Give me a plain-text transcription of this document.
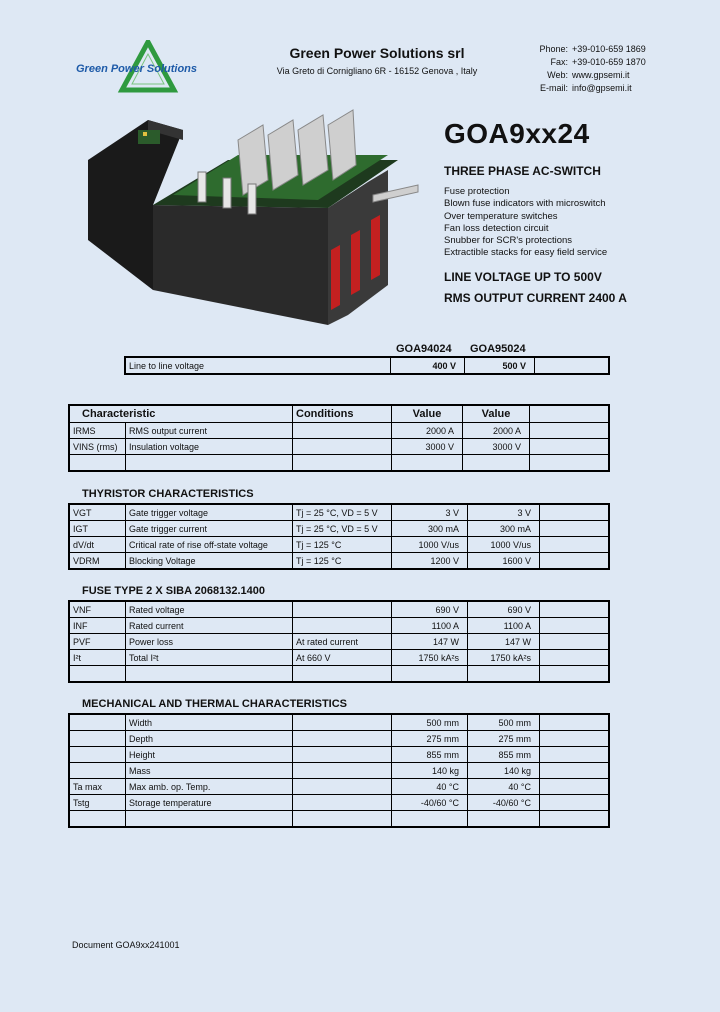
Green Power Solutions
Green Power Solutions srl
Via Greto di Cornigliano 6R - 16152 Genova , Italy
Phone: +39-010-659 1869
Fax: +39-010-659 1870
Web: www.gpsemi.it
E-mail: info@gpsemi.it
GOA9xx24
THREE PHASE AC-SWITCH
Fuse protection
Blown fuse indicators with microswitch
Over temperature switches
Fan loss detection circuit
Snubber for SCR's protections
Extractible stacks for easy field service
LINE VOLTAGE UP TO 500V
RMS OUTPUT CURRENT 2400 A
GOA94024 GOA95024
Line to line voltage	400 V	500 V	
Characteristic		Conditions	Value	Value	
IRMS	RMS output current		2000 A	2000 A	
VINS (rms)	Insulation voltage		3000 V	3000 V	

THYRISTOR CHARACTERISTICS
VGT	Gate trigger voltage	Tj = 25 °C, VD = 5 V	3 V	3 V	
IGT	Gate trigger current	Tj = 25 °C, VD = 5 V	300 mA	300 mA	
dV/dt	Critical rate of rise off-state voltage	Tj = 125 °C	1000 V/us	1000 V/us	
VDRM	Blocking Voltage	Tj = 125 °C	1200 V	1600 V	
FUSE TYPE 2 X SIBA 2068132.1400
VNF	Rated voltage		690 V	690 V	
INF	Rated current		1100 A	1100 A	
PVF	Power loss	At rated current	147 W	147 W	
I²t	Total I²t	At 660 V	1750 kA²s	1750 kA²s	

MECHANICAL AND THERMAL CHARACTERISTICS
	Width		500 mm	500 mm	
	Depth		275 mm	275 mm	
	Height		855 mm	855 mm	
	Mass		140 kg	140 kg	
Ta max	Max amb. op. Temp.		40 °C	40 °C	
Tstg	Storage temperature		-40/60 °C	-40/60 °C	

Document GOA9xx241001
